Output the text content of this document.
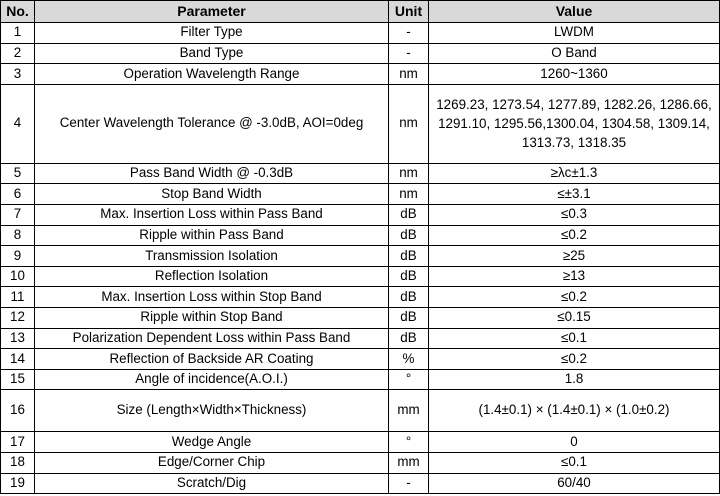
No.	Parameter	Unit	Value
1	Filter Type	-	LWDM
2	Band Type	-	O Band
3	Operation Wavelength Range	nm	1260~1360
4	Center Wavelength Tolerance @ -3.0dB, AOI=0deg	nm	1269.23, 1273.54, 1277.89, 1282.26, 1286.66, 1291.10, 1295.56,1300.04, 1304.58, 1309.14, 1313.73, 1318.35
5	Pass Band Width @ -0.3dB	nm	≥λc±1.3
6	Stop Band Width	nm	≤±3.1
7	Max. Insertion Loss within Pass Band	dB	≤0.3
8	Ripple within Pass Band	dB	≤0.2
9	Transmission Isolation	dB	≥25
10	Reflection Isolation	dB	≥13
11	Max. Insertion Loss within Stop Band	dB	≤0.2
12	Ripple within Stop Band	dB	≤0.15
13	Polarization Dependent Loss within Pass Band	dB	≤0.1
14	Reflection of Backside AR Coating	%	≤0.2
15	Angle of incidence(A.O.I.)	°	1.8
16	Size (Length×Width×Thickness)	mm	(1.4±0.1) × (1.4±0.1) × (1.0±0.2)
17	Wedge Angle	°	0
18	Edge/Corner Chip	mm	≤0.1
19	Scratch/Dig	-	60/40
